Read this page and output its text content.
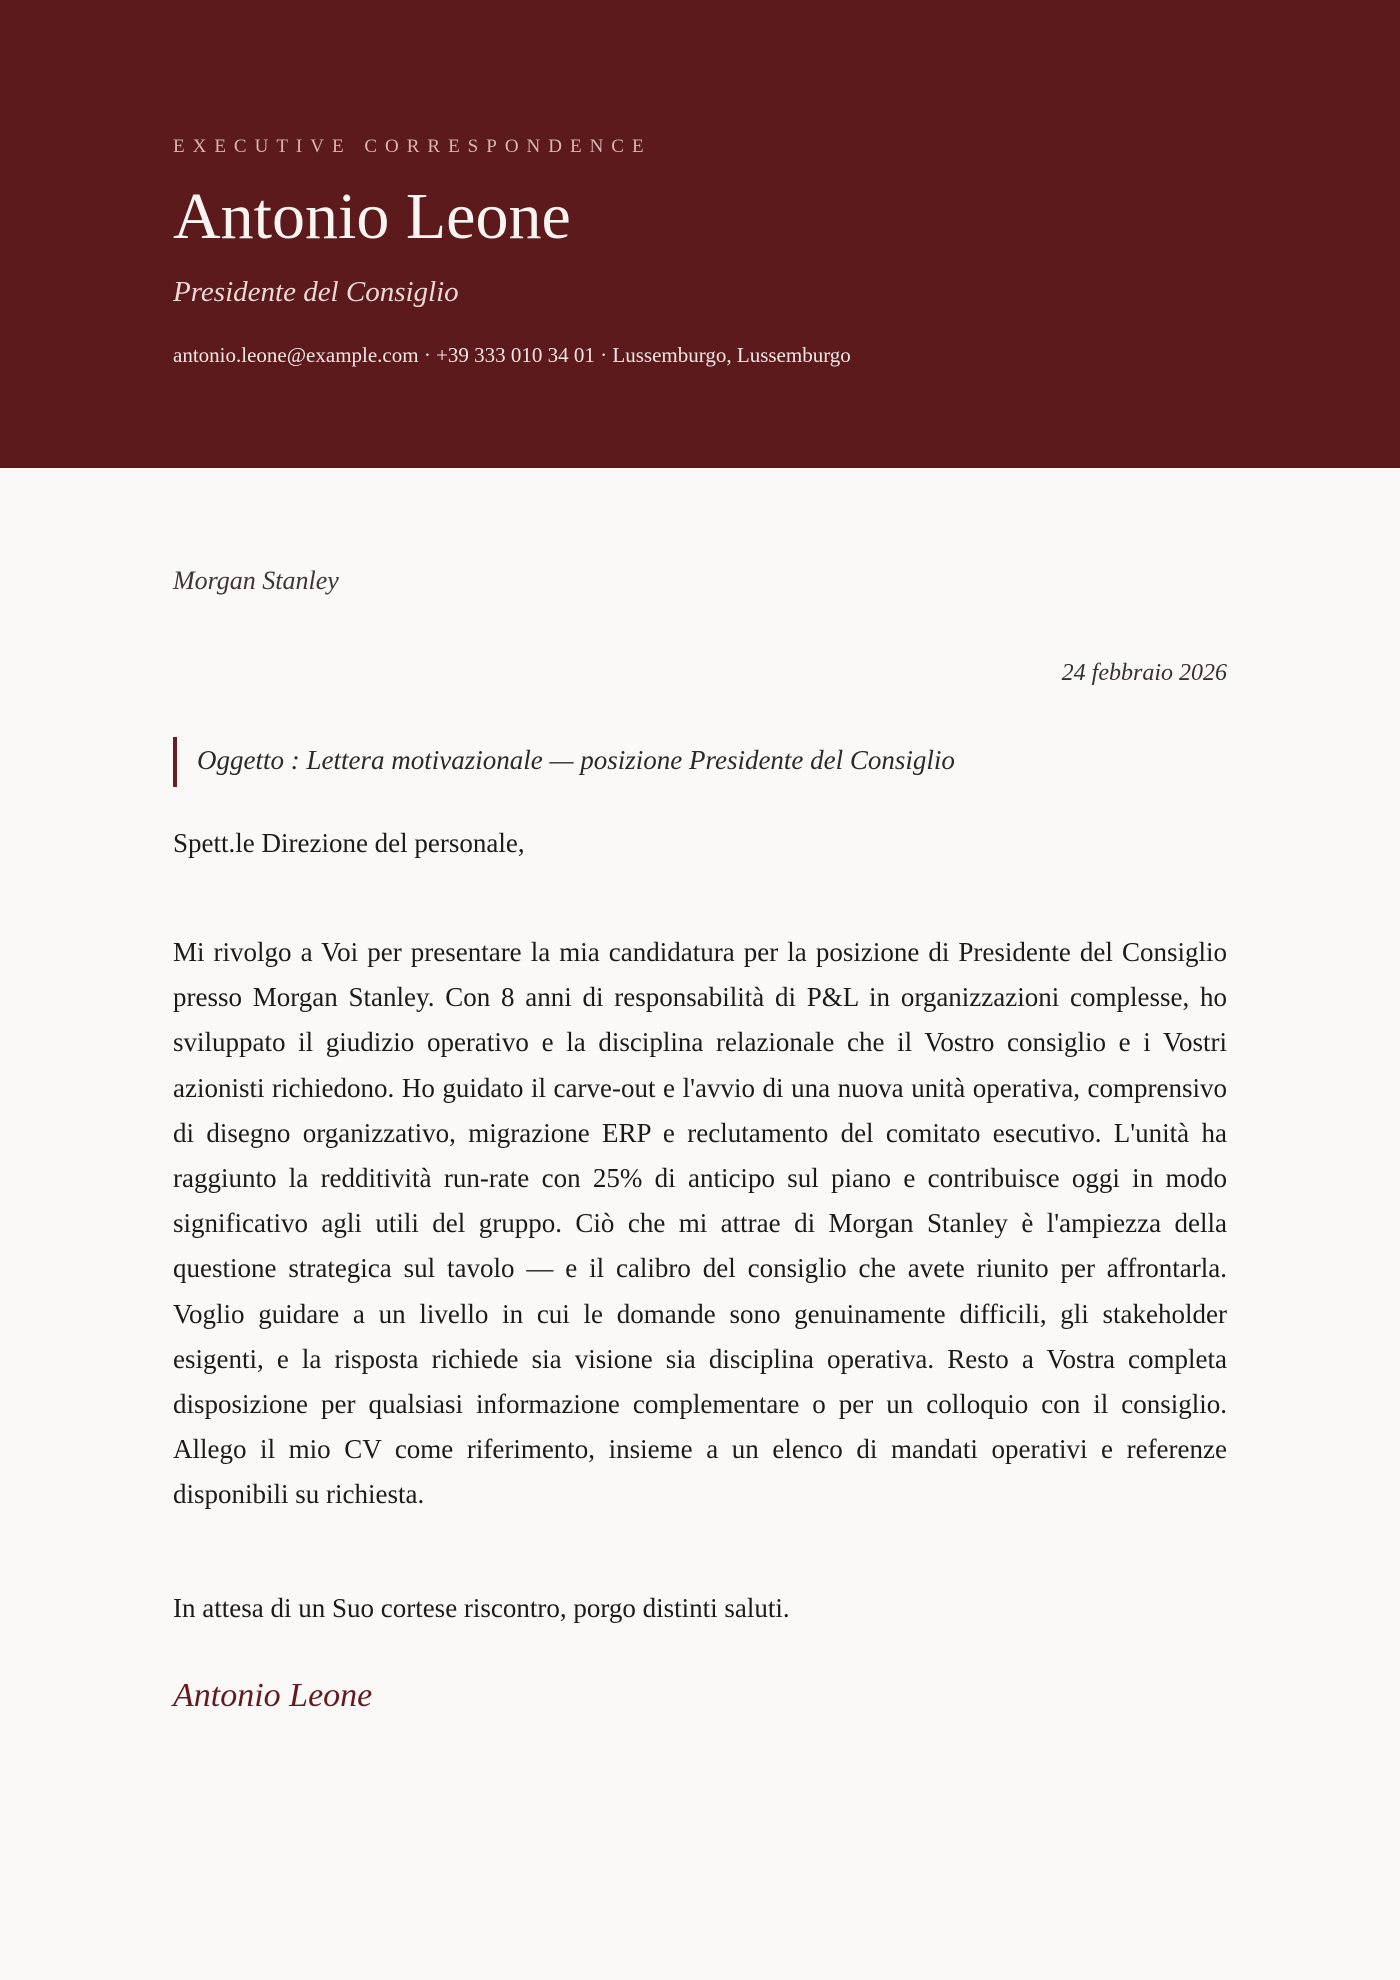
EXECUTIVE CORRESPONDENCE
Antonio Leone
Presidente del Consiglio
antonio.leone@example.com · +39 333 010 34 01 · Lussemburgo, Lussemburgo
Morgan Stanley
24 febbraio 2026
Oggetto : Lettera motivazionale — posizione Presidente del Consiglio
Spett.le Direzione del personale,

Mi rivolgo a Voi per presentare la mia candidatura per la posizione di Presidente del Consiglio presso Morgan Stanley. Con 8 anni di responsabilità di P&L in organizzazioni complesse, ho sviluppato il giudizio operativo e la disciplina relazionale che il Vostro consiglio e i Vostri azionisti richiedono. Ho guidato il carve-out e l'avvio di una nuova unità operativa, comprensivo di disegno organizzativo, migrazione ERP e reclutamento del comitato esecutivo. L'unità ha raggiunto la redditività run-rate con 25% di anticipo sul piano e contribuisce oggi in modo significativo agli utili del gruppo. Ciò che mi attrae di Morgan Stanley è l'ampiezza della questione strategica sul tavolo — e il calibro del consiglio che avete riunito per affrontarla. Voglio guidare a un livello in cui le domande sono genuinamente difficili, gli stakeholder esigenti, e la risposta richiede sia visione sia disciplina operativa. Resto a Vostra completa disposizione per qualsiasi informazione complementare o per un colloquio con il consiglio. Allego il mio CV come riferimento, insieme a un elenco di mandati operativi e referenze disponibili su richiesta.

In attesa di un Suo cortese riscontro, porgo distinti saluti.
Antonio Leone
